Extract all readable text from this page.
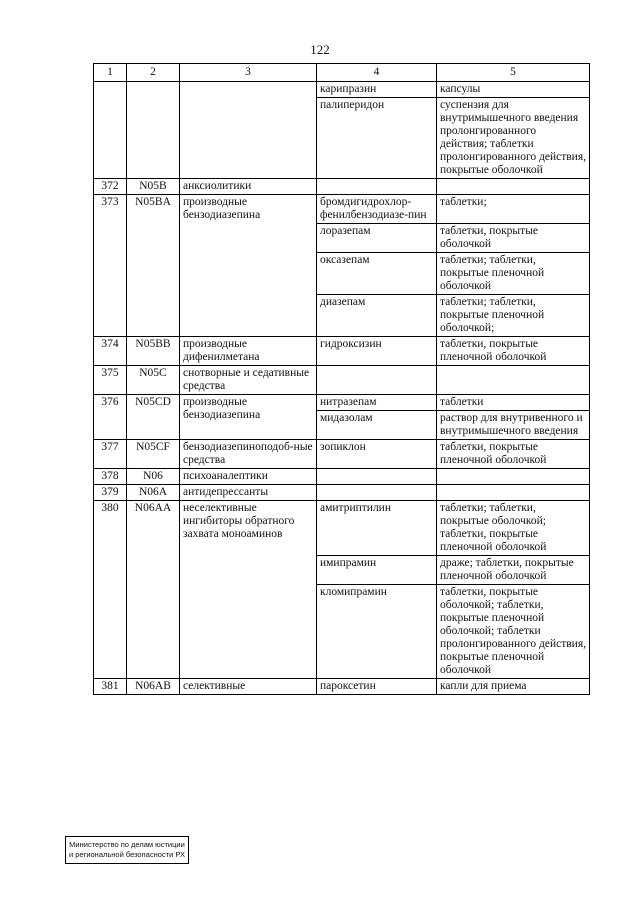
122
1	2	3	4	5
			карипразин	капсулы
			палиперидон	суспензия для внутримышечного введения пролонгированного действия; таблетки пролонгированного действия, покрытые оболочкой
372	N05B	анксиолитики		
373	N05BA	производные бензодиазепина	бромдигидрохлор-фенилбензодиазе-пин	таблетки;
			лоразепам	таблетки, покрытые оболочкой
			оксазепам	таблетки; таблетки, покрытые пленочной оболочкой
			диазепам	таблетки; таблетки, покрытые пленочной оболочкой;
374	N05BB	производные дифенилметана	гидроксизин	таблетки, покрытые пленочной оболочкой
375	N05C	снотворные и седативные средства		
376	N05CD	производные бензодиазепина	нитразепам	таблетки
			мидазолам	раствор для внутривенного и внутримышечного введения
377	N05CF	бензодиазепиноподоб-ные средства	зопиклон	таблетки, покрытые пленочной оболочкой
378	N06	психоаналептики		
379	N06A	антидепрессанты		
380	N06AA	неселективные ингибиторы обратного захвата моноаминов	амитриптилин	таблетки; таблетки, покрытые оболочкой; таблетки, покрытые пленочной оболочкой
			имипрамин	драже; таблетки, покрытые пленочной оболочкой
			кломипрамин	таблетки, покрытые оболочкой; таблетки, покрытые пленочной оболочкой; таблетки пролонгированного действия, покрытые пленочной оболочкой
381	N06AB	селективные	пароксетин	капли для приема
Министерство по делам юстиции и региональной безопасности РХ
